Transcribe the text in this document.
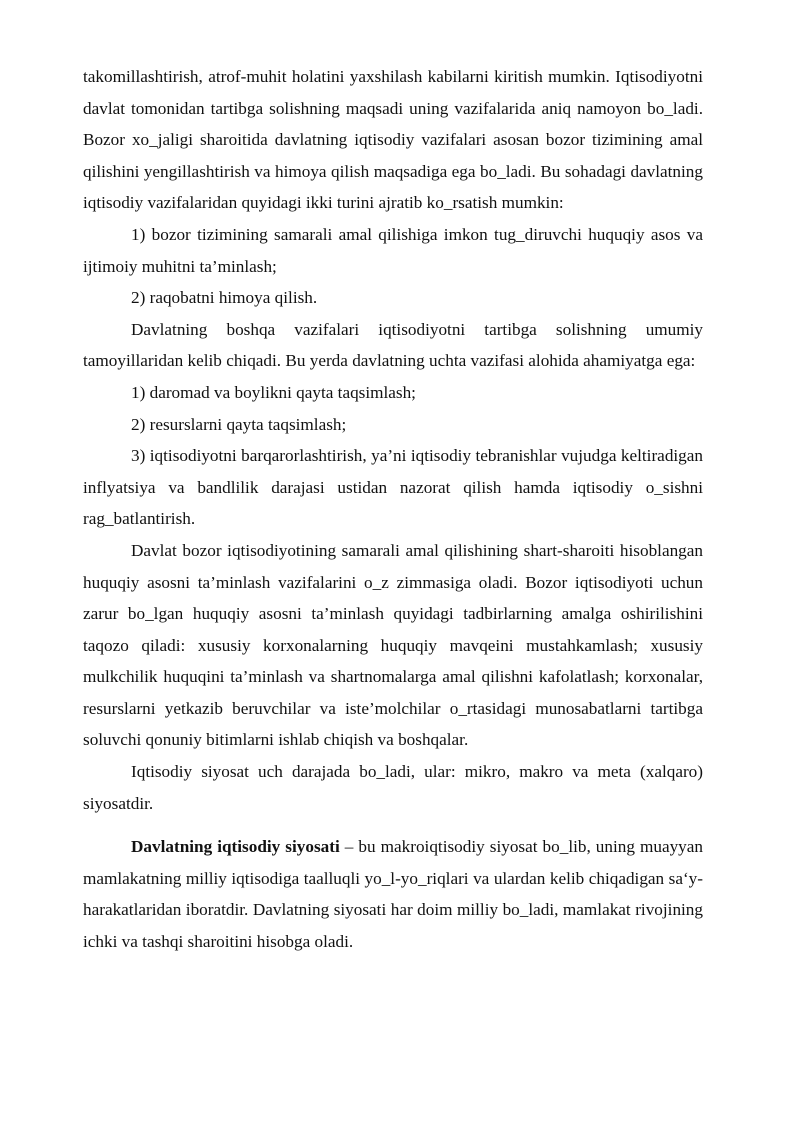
takomillashtirish, atrof-muhit holatini yaxshilash kabilarni kiritish mumkin. Iqtisodiyotni davlat tomonidan tartibga solishning maqsadi uning vazifalarida aniq namoyon bo_ladi. Bozor xo_jaligi sharoitida davlatning iqtisodiy vazifalari asosan bozor tizimining amal qilishini yengillashtirish va himoya qilish maqsadiga ega bo_ladi. Bu sohadagi davlatning iqtisodiy vazifalaridan quyidagi ikki turini ajratib ko_rsatish mumkin:

1) bozor tizimining samarali amal qilishiga imkon tug_diruvchi huquqiy asos va ijtimoiy muhitni ta’minlash;

2) raqobatni himoya qilish.

Davlatning boshqa vazifalari iqtisodiyotni tartibga solishning umumiy tamoyillaridan kelib chiqadi. Bu yerda davlatning uchta vazifasi alohida ahamiyatga ega:

1) daromad va boylikni qayta taqsimlash;

2) resurslarni qayta taqsimlash;

3) iqtisodiyotni barqarorlashtirish, ya’ni iqtisodiy tebranishlar vujudga keltiradigan inflyatsiya va bandlilik darajasi ustidan nazorat qilish hamda iqtisodiy o_sishni rag_batlantirish.

Davlat bozor iqtisodiyotining samarali amal qilishining shart-sharoiti hisoblangan huquqiy asosni ta’minlash vazifalarini o_z zimmasiga oladi. Bozor iqtisodiyoti uchun zarur bo_lgan huquqiy asosni ta’minlash quyidagi tadbirlarning amalga oshirilishini taqozo qiladi: xususiy korxonalarning huquqiy mavqeini mustahkamlash; xususiy mulkchilik huquqini ta’minlash va shartnomalarga amal qilishni kafolatlash; korxonalar, resurslarni yetkazib beruvchilar va iste’molchilar o_rtasidagi munosabatlarni tartibga soluvchi qonuniy bitimlarni ishlab chiqish va boshqalar.

Iqtisodiy siyosat uch darajada bo_ladi, ular: mikro, makro va meta (xalqaro) siyosatdir.

Davlatning iqtisodiy siyosati – bu makroiqtisodiy siyosat bo_lib, uning muayyan mamlakatning milliy iqtisodiga taalluqli yo_l-yo_riqlari va ulardan kelib chiqadigan sa‘y-harakatlaridan iboratdir. Davlatning siyosati har doim milliy bo_ladi, mamlakat rivojining ichki va tashqi sharoitini hisobga oladi.
